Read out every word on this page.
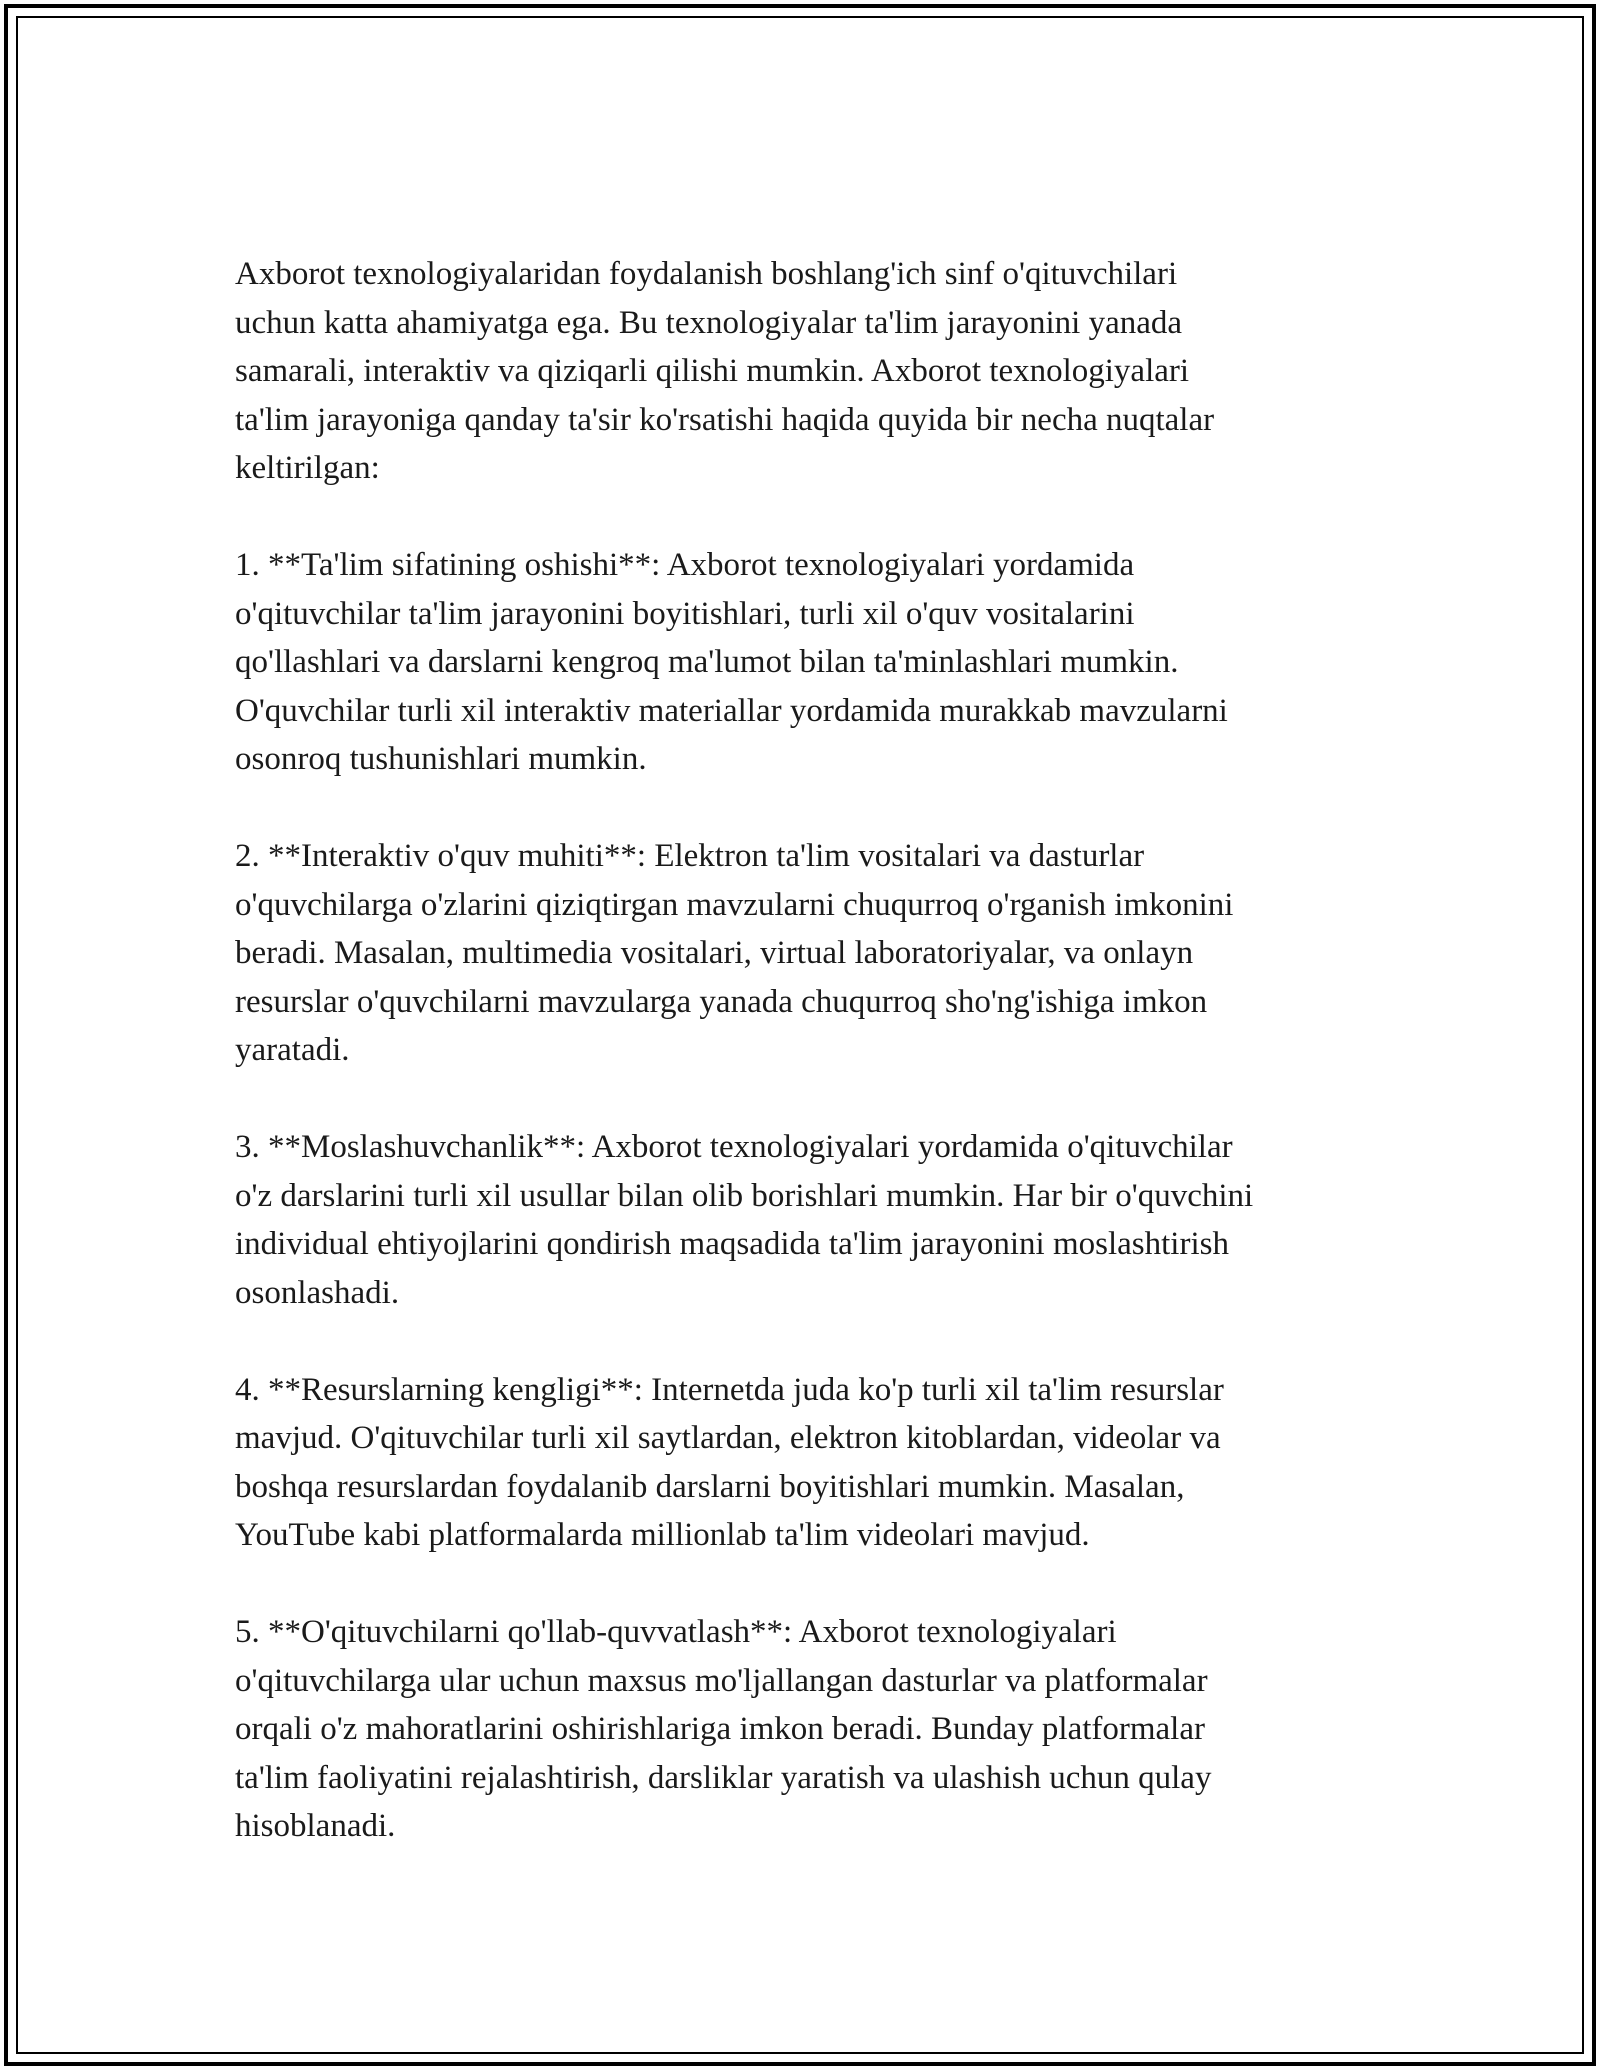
Axborot texnologiyalaridan foydalanish boshlang'ich sinf o'qituvchilari
uchun katta ahamiyatga ega. Bu texnologiyalar ta'lim jarayonini yanada
samarali, interaktiv va qiziqarli qilishi mumkin. Axborot texnologiyalari
ta'lim jarayoniga qanday ta'sir ko'rsatishi haqida quyida bir necha nuqtalar
keltirilgan:

1. **Ta'lim sifatining oshishi**: Axborot texnologiyalari yordamida
o'qituvchilar ta'lim jarayonini boyitishlari, turli xil o'quv vositalarini
qo'llashlari va darslarni kengroq ma'lumot bilan ta'minlashlari mumkin.
O'quvchilar turli xil interaktiv materiallar yordamida murakkab mavzularni
osonroq tushunishlari mumkin.

2. **Interaktiv o'quv muhiti**: Elektron ta'lim vositalari va dasturlar
o'quvchilarga o'zlarini qiziqtirgan mavzularni chuqurroq o'rganish imkonini
beradi. Masalan, multimedia vositalari, virtual laboratoriyalar, va onlayn
resurslar o'quvchilarni mavzularga yanada chuqurroq sho'ng'ishiga imkon
yaratadi.

3. **Moslashuvchanlik**: Axborot texnologiyalari yordamida o'qituvchilar
o'z darslarini turli xil usullar bilan olib borishlari mumkin. Har bir o'quvchini
individual ehtiyojlarini qondirish maqsadida ta'lim jarayonini moslashtirish
osonlashadi.

4. **Resurslarning kengligi**: Internetda juda ko'p turli xil ta'lim resurslar
mavjud. O'qituvchilar turli xil saytlardan, elektron kitoblardan, videolar va
boshqa resurslardan foydalanib darslarni boyitishlari mumkin. Masalan,
YouTube kabi platformalarda millionlab ta'lim videolari mavjud.

5. **O'qituvchilarni qo'llab-quvvatlash**: Axborot texnologiyalari
o'qituvchilarga ular uchun maxsus mo'ljallangan dasturlar va platformalar
orqali o'z mahoratlarini oshirishlariga imkon beradi. Bunday platformalar
ta'lim faoliyatini rejalashtirish, darsliklar yaratish va ulashish uchun qulay
hisoblanadi.
